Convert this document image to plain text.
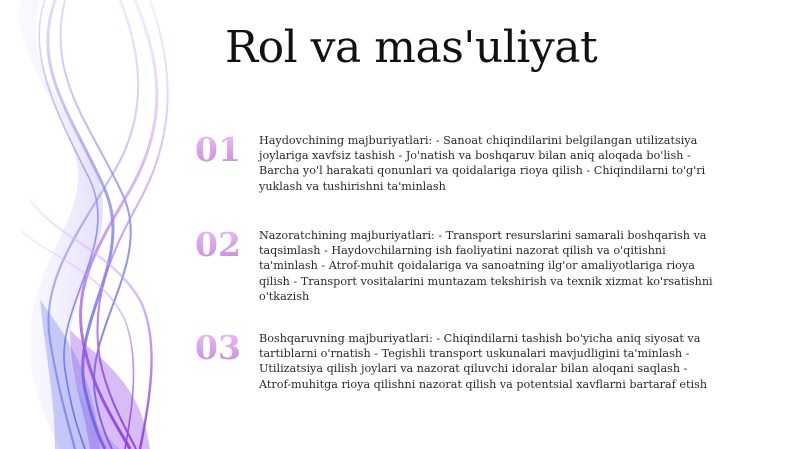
Rol va mas'uliyat
01	Haydovchining majburiyatlari: - Sanoat chiqindilarini belgilangan utilizatsiya joylariga xavfsiz tashish - Jo'natish va boshqaruv bilan aniq aloqada bo'lish - Barcha yo'l harakati qonunlari va qoidalariga rioya qilish - Chiqindilarni to'g'ri yuklash va tushirishni ta'minlash
02	Nazoratchining majburiyatlari: - Transport resurslarini samarali boshqarish va taqsimlash - Haydovchilarning ish faoliyatini nazorat qilish va o'qitishni ta'minlash - Atrof-muhit qoidalariga va sanoatning ilg'or amaliyotlariga rioya qilish - Transport vositalarini muntazam tekshirish va texnik xizmat ko'rsatishni o'tkazish
03	Boshqaruvning majburiyatlari: - Chiqindilarni tashish bo'yicha aniq siyosat va tartiblarni o'rnatish - Tegishli transport uskunalari mavjudligini ta'minlash - Utilizatsiya qilish joylari va nazorat qiluvchi idoralar bilan aloqani saqlash - Atrof-muhitga rioya qilishni nazorat qilish va potentsial xavflarni bartaraf etish
